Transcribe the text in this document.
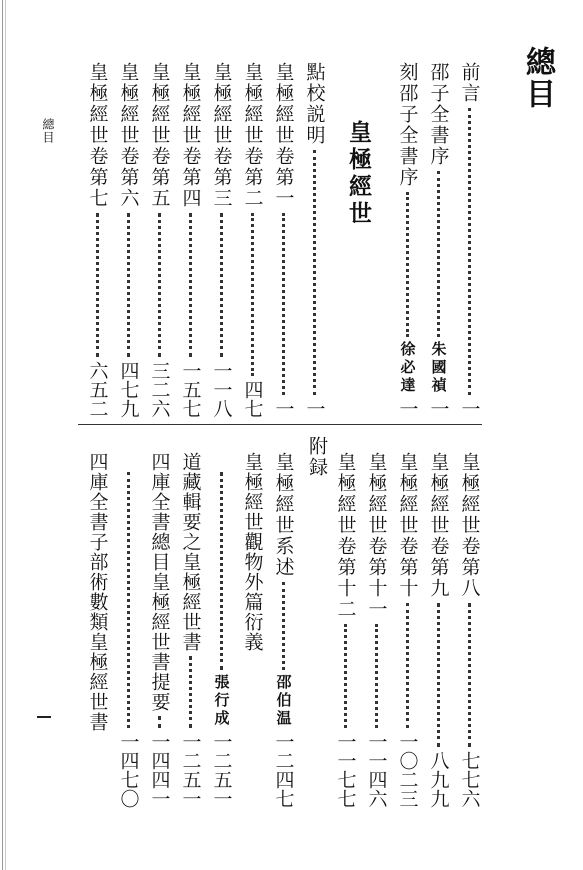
總目
總目	皇極經世
附録
前言
一
邵子全書序
朱國禎
一
刻邵子全書序
徐必達
一
點校説明
一
皇極經世卷第一
一
皇極經世卷第二
四七
皇極經世卷第三
一一八
皇極經世卷第四
一五七
皇極經世卷第五
三二六
皇極經世卷第六
四七九
皇極經世卷第七
六五二
皇極經世卷第八
七七六
皇極經世卷第九
八九九
皇極經世卷第十
一〇二三
皇極經世卷第十一
一一四六
皇極經世卷第十二
一一七七
皇極經世系述
邵伯温
一二四七
皇極經世觀物外篇衍義
張行成
一二五一
道藏輯要之皇極經世書
一二五一
四庫全書總目皇極經世書提要
一四四一
四庫全書子部術數類皇極經世書
一四七〇
